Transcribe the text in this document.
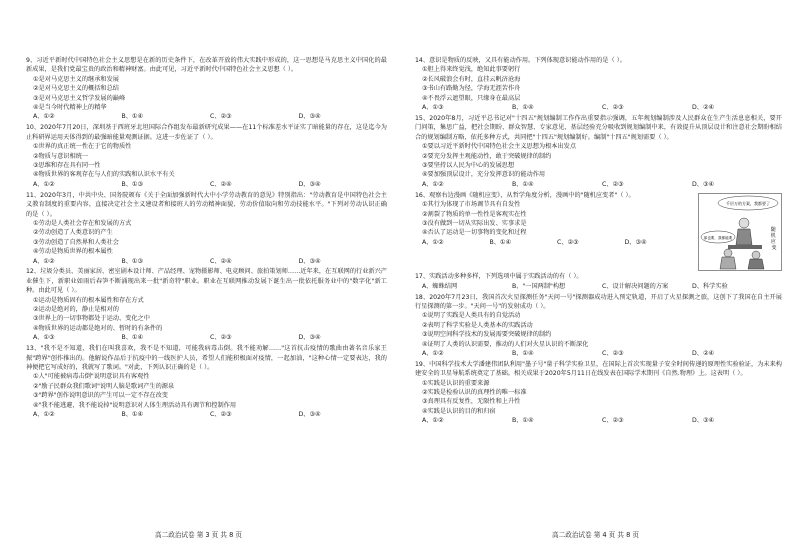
9、习近平新时代中国特色社会主义思想是在新的历史条件下，在改革开放的伟大实践中形成的，这一思想是马克思主义中国化的最新成果，是我们党最宝贵的政治和精神财富。由此可见，习近平新时代中国特色社会主义思想（ ）。
①是对马克思主义的继承和发展
②是对马克思主义的概括和总结
③是对马克思主义哲学发展的巅峰
④是当今时代精神上的精华
A、①②	B、①④	C、②③	D、③④
10、2020年7月20日，深圳基于西班牙北坦国际合作组发布最新研究成果——在11个标准差水平证实了暗能量的存在，这是迄今为止科研界运用天体得到的最强暗能量观测证据。这进一步佐证了（ ）。
①世界的真正统一性在于它的物质性
②物质与意识相统一
③思维和存在具有同一性
④物质世界的客观存在与人们的实践和认识水平有关
A、①②	B、①③	C、②④	D、③④
11、2020年3月，中共中央、国务院颁布《关于全面加强新时代大中小学劳动教育的意见》特别指出："劳动教育是中国特色社会主义教育制度的重要内容，直接决定社会主义建设者和接班人的劳动精神面貌、劳动价值取向和劳动技能水平。"下列对劳动认识正确的是（ ）。
①劳动是人类社会存在和发展的方式
②劳动创造了人类意识的产生
③劳动创造了自然界和人类社会
④劳动是物质世界的根本属性
A、①②	B、①③	C、②④	D、③④
12、垃圾分类员、美丽家居、密室剧本设计师、产品经理、宠物摄影师、电竞顾问、旅拍策划师……近年来，在互联网的行业新兴产业催生下，新职业如雨后春笋不断涌现出来一批"新奇特"职业。职业在互联网推动发展下诞生出一批依托服务业中的"数字化"新工种。由此可见（ ）。
①运动是物质固有的根本属性和存在方式
②运动是绝对的，静止是相对的
③世界上的一切事物都处于运动、变化之中
④物质世界的运动都是绝对的、暂时的有条件的
A、①③	B、①④	C、②③	D、③④
13、"我不是不知道，我们在叫我喜欢，我不是不知道，可能我病毒击倒。我不能劝解……"这首抗击疫情的歌曲由著名音乐家王振"跨界"创作推出的。他解说作品后于抗疫中的一线医护人员，希望人们能积极面对疫情，一起加油，"这种心情一定要表达，我的神便把它写成好的，我就写了歌词。"对此，下列认识正确的是（ ）。
①人"可能被病毒击倒"说明意识具有客观性
②"励子民群众我们歌词"说明人脑是歌词产生的源泉
③"跨界"创作说明意识的产生可以一定不存在改变
④"我不能逃避，我不能说掉"说明意识对人体生理活动具有调节和控制作用
A、①②	B、①④	C、②③	D、③④
高二政治试卷 第 3 页 共 8 页
14、意识是物质的反映，又具有能动作用。下列体现意识能动作用的是（ ）。
①胆上得来终觉浅，绝知此事要躬行
②长风破浪会有时，直挂云帆济沧海
③书山有路勤为径，学海无涯苦作舟
④不畏浮云遮望眼，只缘身在最高层
A、①③	B、①④	C、②③	D、②④
15、2020年8月，习近平总书记对"十四五"规划编制工作作出重要指示强调，五年规划编制涉及人民群众在生产生活息息相关，要开门问策，集思广益，把社会期盼、群众智慧、专家意见、基层经验充分吸收到规划编制中来，有效提升从顶层设计和注意社会期盼相结合的规划编制方略，依托多种方式，共同把"十四五"规划编制好。编制"十四五"规划需要（ ）。
①要以习近平新时代中国特色社会主义思想为根本出发点
②要充分发挥主观能动性，敢于突破规律的制约
③要坚持以人民为中心的发展思想
④要加强顶层设计，充分发挥意识的能动作用
A、①②	B、①④	C、②③	D、③④
16、观察右边漫画《随机应变》，从哲学角度分析，漫画中的"随机应变者"（ ）。
①其行为体现了市场调节具有自发性
②割裂了物质的单一性性是客观实在性
③没有做到一切从实际出发、实事求是
④否认了运动是一切事物的变化和过程
A、①②	B、①④	C、②③	D、③④
千层万的方案，我都要了
那也要，我都能要
随 机 应 变
17、实践活动多种多样，下列选项中属于实践活动的有（ ）。
A、蜘蛛结网	B、"一国两制"构想	C、设计解决问题的方案	D、科学实验
18、2020年7月23日，我国首次火星探测任务"天问一号"探测器成功进入预定轨道，开启了火星探测之旅，这创下了我国在自主开展行星探测的第一步。"天问一号"的发射成功（ ）。
①说明了实践是人类具有的自觉活动
②表明了科学实验是人类基本的实践活动
③说明空间科学技术的发展需要突破规律的制约
④证明了人类的认识需要，推动的人们对火星认识的不断深化
A、①②	B、①④	C、②③	D、②④
19、中国科学技术大学潘建伟团队利用"墨子号"量子科学实验卫星，在国际上首次实现量子安全时间传递的原理性实验验证，为未来构建安全的卫星导航系统奠定了基础。相关成果于2020年5月11日在线发表在国际学术期刊《自然.物理》上。这表明（ ）。
①实践是认识的重要来源
②实践是检验认识的真理性的唯一标准
③真理具有反复性，无限性和上升性
④实践是认识的目的和归宿
A、①②	B、①④	C、②③	D、③④
高二政治试卷 第 4 页 共 8 页
